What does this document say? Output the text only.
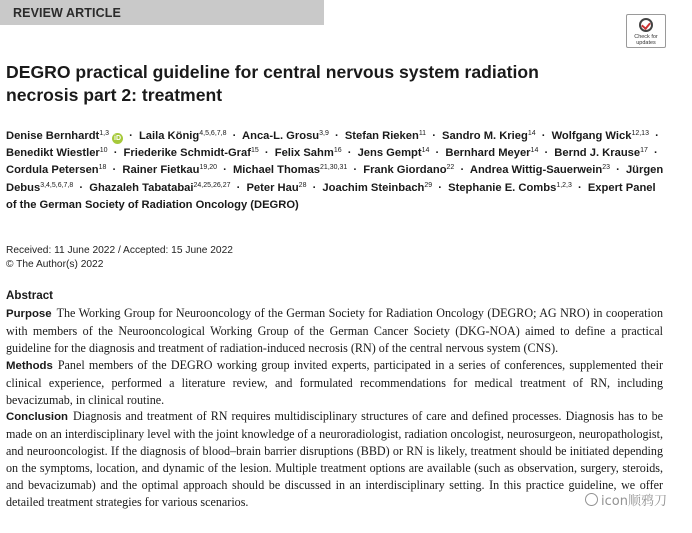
REVIEW ARTICLE
Check for
updates
DEGRO practical guideline for central nervous system radiation necrosis part 2: treatment
Denise Bernhardt$^{1,3}$iD · Laila König$^{4,5,6,7,8}$ · Anca-L. Grosu$^{3,9}$ · Stefan Rieken$^{11}$ · Sandro M. Krieg$^{14}$ · Wolfgang Wick$^{12,13}$ · Benedikt Wiestler$^{10}$ · Friederike Schmidt-Graf$^{15}$ · Felix Sahm$^{16}$ · Jens Gempt$^{14}$ · Bernhard Meyer$^{14}$ · Bernd J. Krause$^{17}$ · Cordula Petersen$^{18}$ · Rainer Fietkau$^{19,20}$ · Michael Thomas$^{21,30,31}$ · Frank Giordano$^{22}$ · Andrea Wittig-Sauerwein$^{23}$ · Jürgen Debus$^{3,4,5,6,7,8}$ · Ghazaleh Tabatabai$^{24,25,26,27}$ · Peter Hau$^{28}$ · Joachim Steinbach$^{29}$ · Stephanie E. Combs$^{1,2,3}$ · Expert Panel of the German Society of Radiation Oncology (DEGRO)
Received: 11 June 2022 / Accepted: 15 June 2022
© The Author(s) 2022
Abstract

Purpose The Working Group for Neurooncology of the German Society for Radiation Oncology (DEGRO; AG NRO) in cooperation with members of the Neurooncological Working Group of the German Cancer Society (DKG-NOA) aimed to define a practical guideline for the diagnosis and treatment of radiation-induced necrosis (RN) of the central nervous system (CNS).

Methods Panel members of the DEGRO working group invited experts, participated in a series of conferences, supplemented their clinical experience, performed a literature review, and formulated recommendations for medical treatment of RN, including bevacizumab, in clinical routine.

Conclusion Diagnosis and treatment of RN requires multidisciplinary structures of care and defined processes. Diagnosis has to be made on an interdisciplinary level with the joint knowledge of a neuroradiologist, radiation oncologist, neurosurgeon, neuropathologist, and neurooncologist. If the diagnosis of blood–brain barrier disruptions (BBD) or RN is likely, treatment should be initiated depending on the symptoms, location, and dynamic of the lesion. Multiple treatment options are available (such as observation, surgery, steroids, and bevacizumab) and the optimal approach should be discussed in an interdisciplinary setting. In this practice guideline, we offer detailed treatment strategies for various scenarios.	icon顺鸦刀
